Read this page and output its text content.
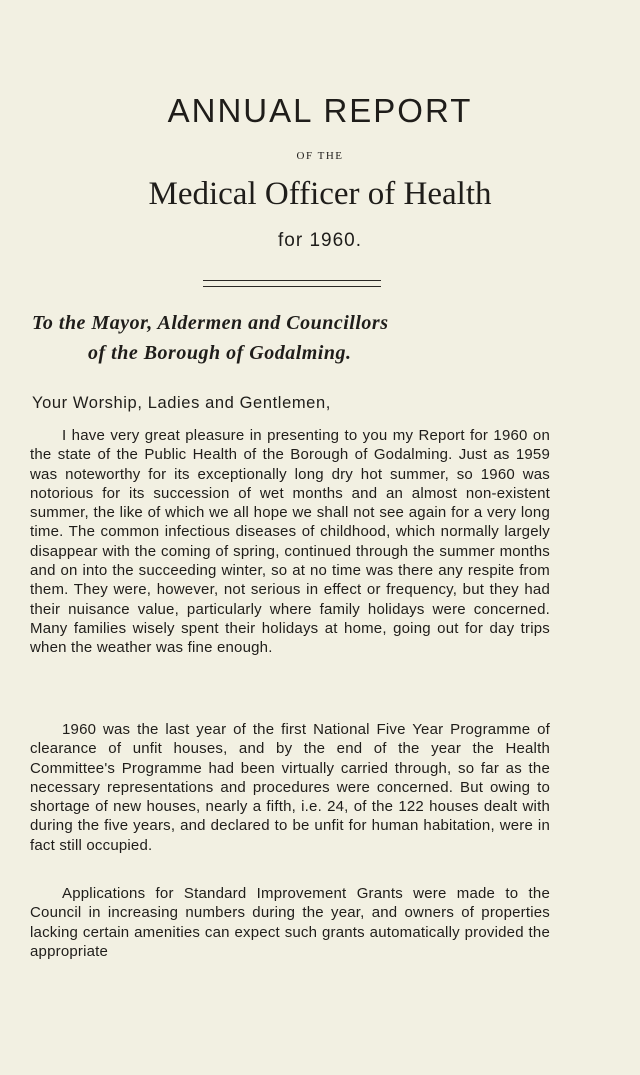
ANNUAL REPORT
OF THE
Medical Officer of Health
for 1960.
To the Mayor, Aldermen and Councillors
of the Borough of Godalming.
Your Worship, Ladies and Gentlemen,

I have very great pleasure in presenting to you my Report for 1960 on the state of the Public Health of the Borough of Godalming. Just as 1959 was noteworthy for its exceptionally long dry hot summer, so 1960 was notorious for its succession of wet months and an almost non-existent summer, the like of which we all hope we shall not see again for a very long time. The common infectious diseases of childhood, which normally largely disappear with the coming of spring, continued through the summer months and on into the succeeding winter, so at no time was there any respite from them. They were, however, not serious in effect or frequency, but they had their nuisance value, particularly where family holidays were concerned. Many families wisely spent their holidays at home, going out for day trips when the weather was fine enough.

1960 was the last year of the first National Five Year Programme of clearance of unfit houses, and by the end of the year the Health Committee's Programme had been virtually carried through, so far as the necessary representations and procedures were concerned. But owing to shortage of new houses, nearly a fifth, i.e. 24, of the 122 houses dealt with during the five years, and declared to be unfit for human habitation, were in fact still occupied.

Applications for Standard Improvement Grants were made to the Council in increasing numbers during the year, and owners of properties lacking certain amenities can expect such grants automatically provided the appropriate
